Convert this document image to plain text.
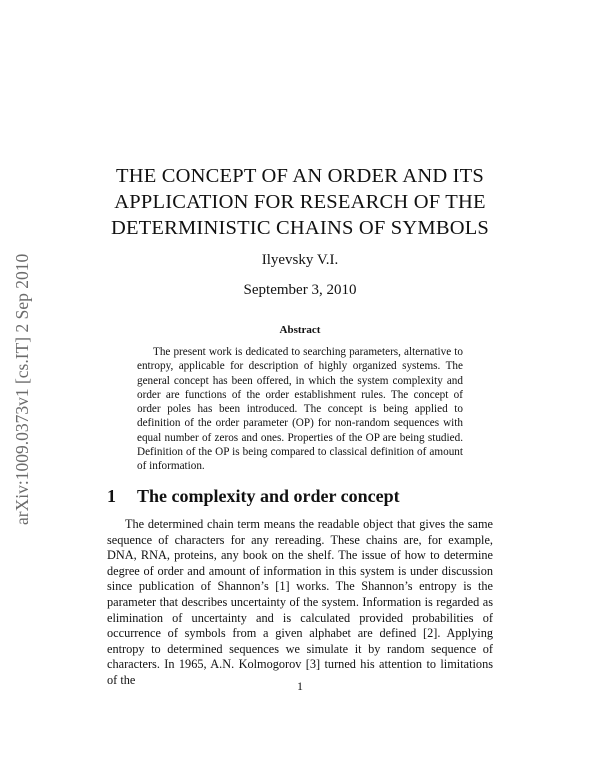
arXiv:1009.0373v1 [cs.IT] 2 Sep 2010
THE CONCEPT OF AN ORDER AND ITS APPLICATION FOR RESEARCH OF THE DETERMINISTIC CHAINS OF SYMBOLS
Ilyevsky V.I.
September 3, 2010
Abstract

The present work is dedicated to searching parameters, alternative to entropy, applicable for description of highly organized systems. The general concept has been offered, in which the system complexity and order are functions of the order establishment rules. The concept of order poles has been introduced. The concept is being applied to definition of the order parameter (OP) for non-random sequences with equal number of zeros and ones. Properties of the OP are being studied. Definition of the OP is being compared to classical definition of amount of information.

1 The complexity and order concept

The determined chain term means the readable object that gives the same sequence of characters for any rereading. These chains are, for example, DNA, RNA, proteins, any book on the shelf. The issue of how to determine degree of order and amount of information in this system is under discussion since publication of Shannon’s [1] works. The Shannon’s entropy is the parameter that describes uncertainty of the system. Information is regarded as elimination of uncertainty and is calculated provided probabilities of occurrence of symbols from a given alphabet are defined [2]. Applying entropy to determined sequences we simulate it by random sequence of characters. In 1965, A.N. Kolmogorov [3] turned his attention to limitations of the	1
